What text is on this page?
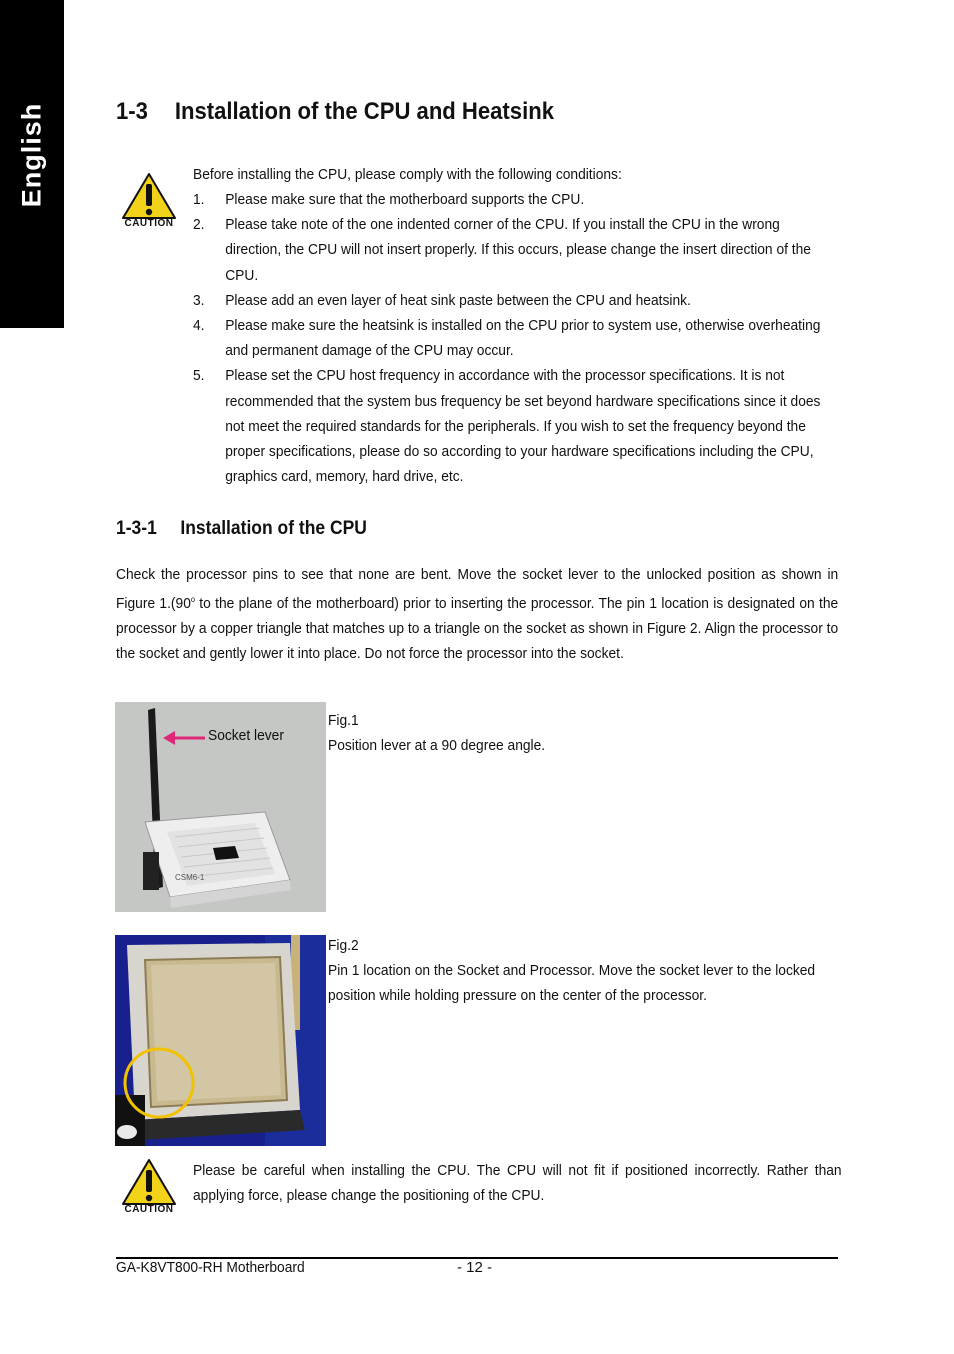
English	1-3 Installation of the CPU and Heatsink
CAUTION
Before installing the CPU, please comply with the following conditions:
1. Please make sure that the motherboard supports the CPU.
2. Please take note of the one indented corner of the CPU. If you install the CPU in the wrong direction, the CPU will not insert properly. If this occurs, please change the insert direction of the CPU.
3. Please add an even layer of heat sink paste between the CPU and heatsink.
4. Please make sure the heatsink is installed on the CPU prior to system use, otherwise overheating and permanent damage of the CPU may occur.
5. Please set the CPU host frequency in accordance with the processor specifications. It is not recommended that the system bus frequency be set beyond hardware specifications since it does not meet the required standards for the peripherals. If you wish to set the frequency beyond the proper specifications, please do so according to your hardware specifications including the CPU, graphics card, memory, hard drive, etc.
1-3-1 Installation of the CPU
Check the processor pins to see that none are bent. Move the socket lever to the unlocked position as shown in Figure 1.(90$^o$ to the plane of the motherboard) prior to inserting the processor. The pin 1 location is designated on the processor by a copper triangle that matches up to a triangle on the socket as shown in Figure 2. Align the processor to the socket and gently lower it into place. Do not force the processor into the socket.
CSM6-1
Socket lever
Fig.1
Position lever at a 90 degree angle.
Fig.2
Pin 1 location on the Socket and Processor. Move the socket lever to the locked position while holding pressure on the center of the processor.
CAUTION
Please be careful when installing the CPU. The CPU will not fit if positioned incorrectly. Rather than applying force, please change the positioning of the CPU.
GA-K8VT800-RH Motherboard	- 12 -
